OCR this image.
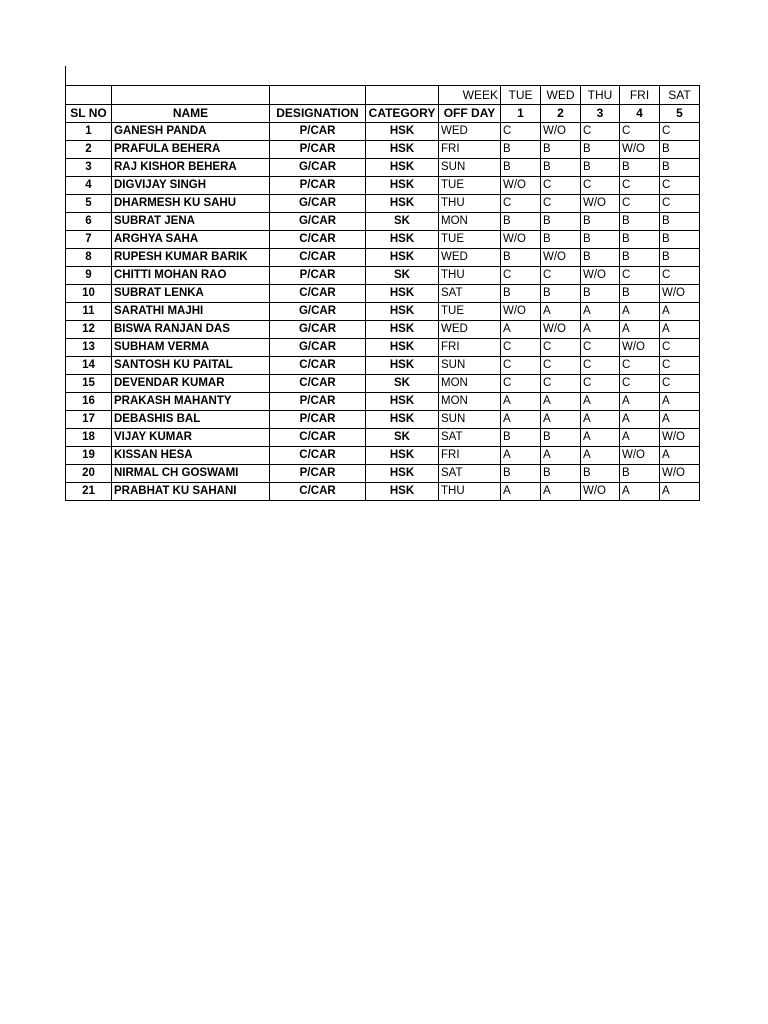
				WEEK	TUE	WED	THU	FRI	SAT
SL NO	NAME	DESIGNATION	CATEGORY	OFF DAY	1	2	3	4	5
1	GANESH PANDA	P/CAR	HSK	WED	C	W/O	C	C	C
2	PRAFULA BEHERA	P/CAR	HSK	FRI	B	B	B	W/O	B
3	RAJ KISHOR BEHERA	G/CAR	HSK	SUN	B	B	B	B	B
4	DIGVIJAY SINGH	P/CAR	HSK	TUE	W/O	C	C	C	C
5	DHARMESH KU SAHU	G/CAR	HSK	THU	C	C	W/O	C	C
6	SUBRAT JENA	G/CAR	SK	MON	B	B	B	B	B
7	ARGHYA SAHA	C/CAR	HSK	TUE	W/O	B	B	B	B
8	RUPESH KUMAR BARIK	C/CAR	HSK	WED	B	W/O	B	B	B
9	CHITTI MOHAN RAO	P/CAR	SK	THU	C	C	W/O	C	C
10	SUBRAT LENKA	C/CAR	HSK	SAT	B	B	B	B	W/O
11	SARATHI MAJHI	G/CAR	HSK	TUE	W/O	A	A	A	A
12	BISWA RANJAN DAS	G/CAR	HSK	WED	A	W/O	A	A	A
13	SUBHAM VERMA	G/CAR	HSK	FRI	C	C	C	W/O	C
14	SANTOSH KU PAITAL	C/CAR	HSK	SUN	C	C	C	C	C
15	DEVENDAR KUMAR	C/CAR	SK	MON	C	C	C	C	C
16	PRAKASH MAHANTY	P/CAR	HSK	MON	A	A	A	A	A
17	DEBASHIS BAL	P/CAR	HSK	SUN	A	A	A	A	A
18	VIJAY KUMAR	C/CAR	SK	SAT	B	B	A	A	W/O
19	KISSAN HESA	C/CAR	HSK	FRI	A	A	A	W/O	A
20	NIRMAL CH GOSWAMI	P/CAR	HSK	SAT	B	B	B	B	W/O
21	PRABHAT KU SAHANI	C/CAR	HSK	THU	A	A	W/O	A	A
